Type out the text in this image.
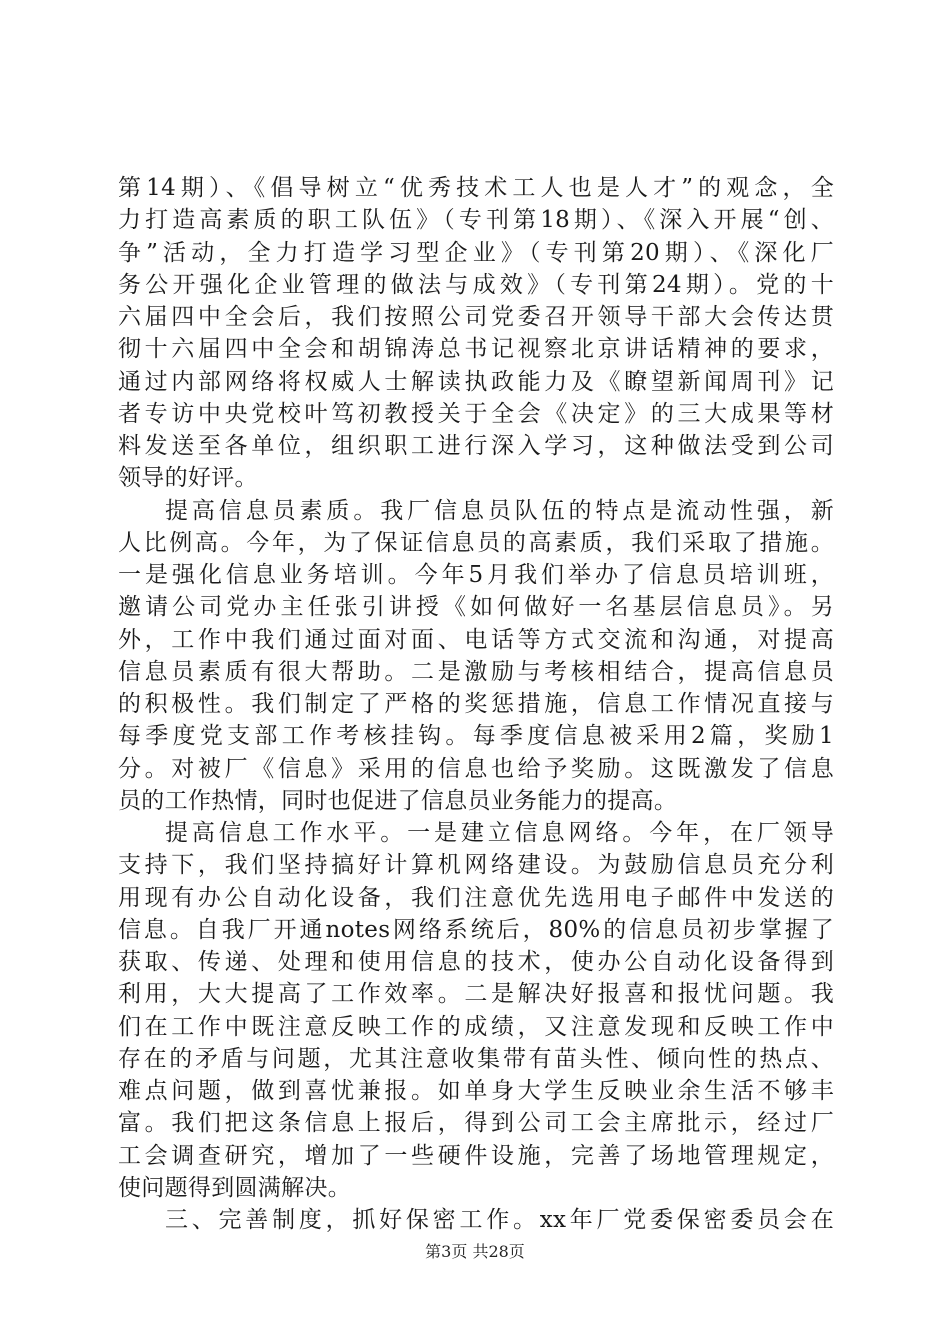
第14期）、《倡导树立“优秀技术工人也是人才”的观念，全
力打造高素质的职工队伍》（专刊第18期）、《深入开展“创、
争”活动，全力打造学习型企业》（专刊第20期）、《深化厂
务公开强化企业管理的做法与成效》（专刊第24期）。党的十
六届四中全会后，我们按照公司党委召开领导干部大会传达贯
彻十六届四中全会和胡锦涛总书记视察北京讲话精神的要求，
通过内部网络将权威人士解读执政能力及《瞭望新闻周刊》记
者专访中央党校叶笃初教授关于全会《决定》的三大成果等材
料发送至各单位，组织职工进行深入学习，这种做法受到公司
领导的好评。
提高信息员素质。我厂信息员队伍的特点是流动性强，新
人比例高。今年，为了保证信息员的高素质，我们采取了措施。
一是强化信息业务培训。今年5月我们举办了信息员培训班，
邀请公司党办主任张引讲授《如何做好一名基层信息员》。另
外，工作中我们通过面对面、电话等方式交流和沟通，对提高
信息员素质有很大帮助。二是激励与考核相结合，提高信息员
的积极性。我们制定了严格的奖惩措施，信息工作情况直接与
每季度党支部工作考核挂钩。每季度信息被采用2篇，奖励1
分。对被厂《信息》采用的信息也给予奖励。这既激发了信息
员的工作热情，同时也促进了信息员业务能力的提高。
提高信息工作水平。一是建立信息网络。今年，在厂领导
支持下，我们坚持搞好计算机网络建设。为鼓励信息员充分利
用现有办公自动化设备，我们注意优先选用电子邮件中发送的
信息。自我厂开通notes网络系统后，80%的信息员初步掌握了
获取、传递、处理和使用信息的技术，使办公自动化设备得到
利用，大大提高了工作效率。二是解决好报喜和报忧问题。我
们在工作中既注意反映工作的成绩，又注意发现和反映工作中
存在的矛盾与问题，尤其注意收集带有苗头性、倾向性的热点、
难点问题，做到喜忧兼报。如单身大学生反映业余生活不够丰
富。我们把这条信息上报后，得到公司工会主席批示，经过厂
工会调查研究，增加了一些硬件设施，完善了场地管理规定，
使问题得到圆满解决。
三、完善制度，抓好保密工作。xx年厂党委保密委员会在
第3页 共28页
